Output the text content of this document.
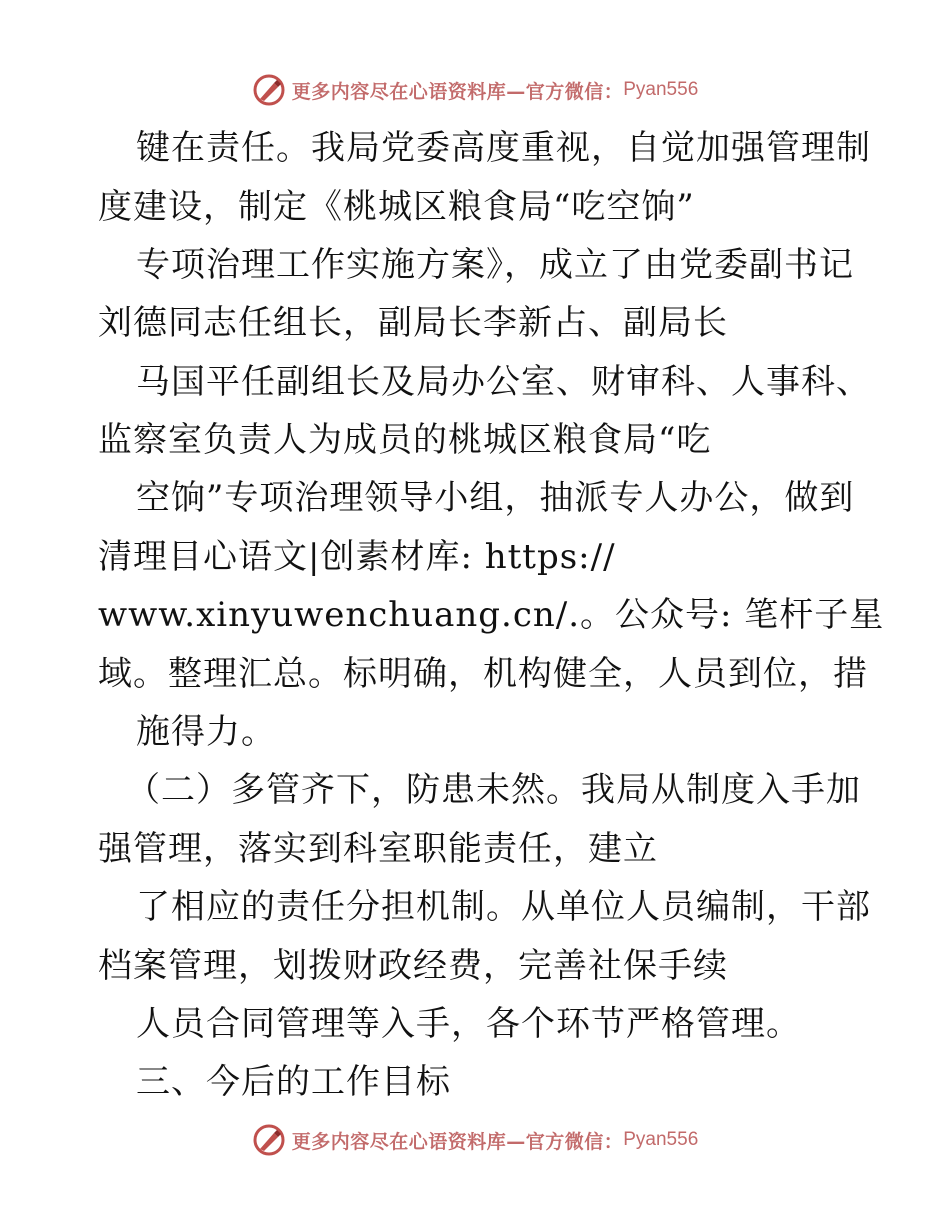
更多内容尽在心语资料库—官方微信： Pyan556
键在责任。我局党委高度重视，自觉加强管理制
度建设，制定《桃城区粮食局“吃空饷”
专项治理工作实施方案》，成立了由党委副书记
刘德同志任组长，副局长李新占、副局长
马国平任副组长及局办公室、财审科、人事科、
监察室负责人为成员的桃城区粮食局“吃
空饷”专项治理领导小组，抽派专人办公，做到
清理目心语文|创素材库: https://
www.xinyuwenchuang.cn/.。公众号: 笔杆子星
域。整理汇总。标明确，机构健全，人员到位，措
施得力。
（二）多管齐下，防患未然。我局从制度入手加
强管理，落实到科室职能责任，建立
了相应的责任分担机制。从单位人员编制，干部
档案管理，划拨财政经费，完善社保手续
人员合同管理等入手，各个环节严格管理。
三、今后的工作目标
更多内容尽在心语资料库—官方微信： Pyan556
